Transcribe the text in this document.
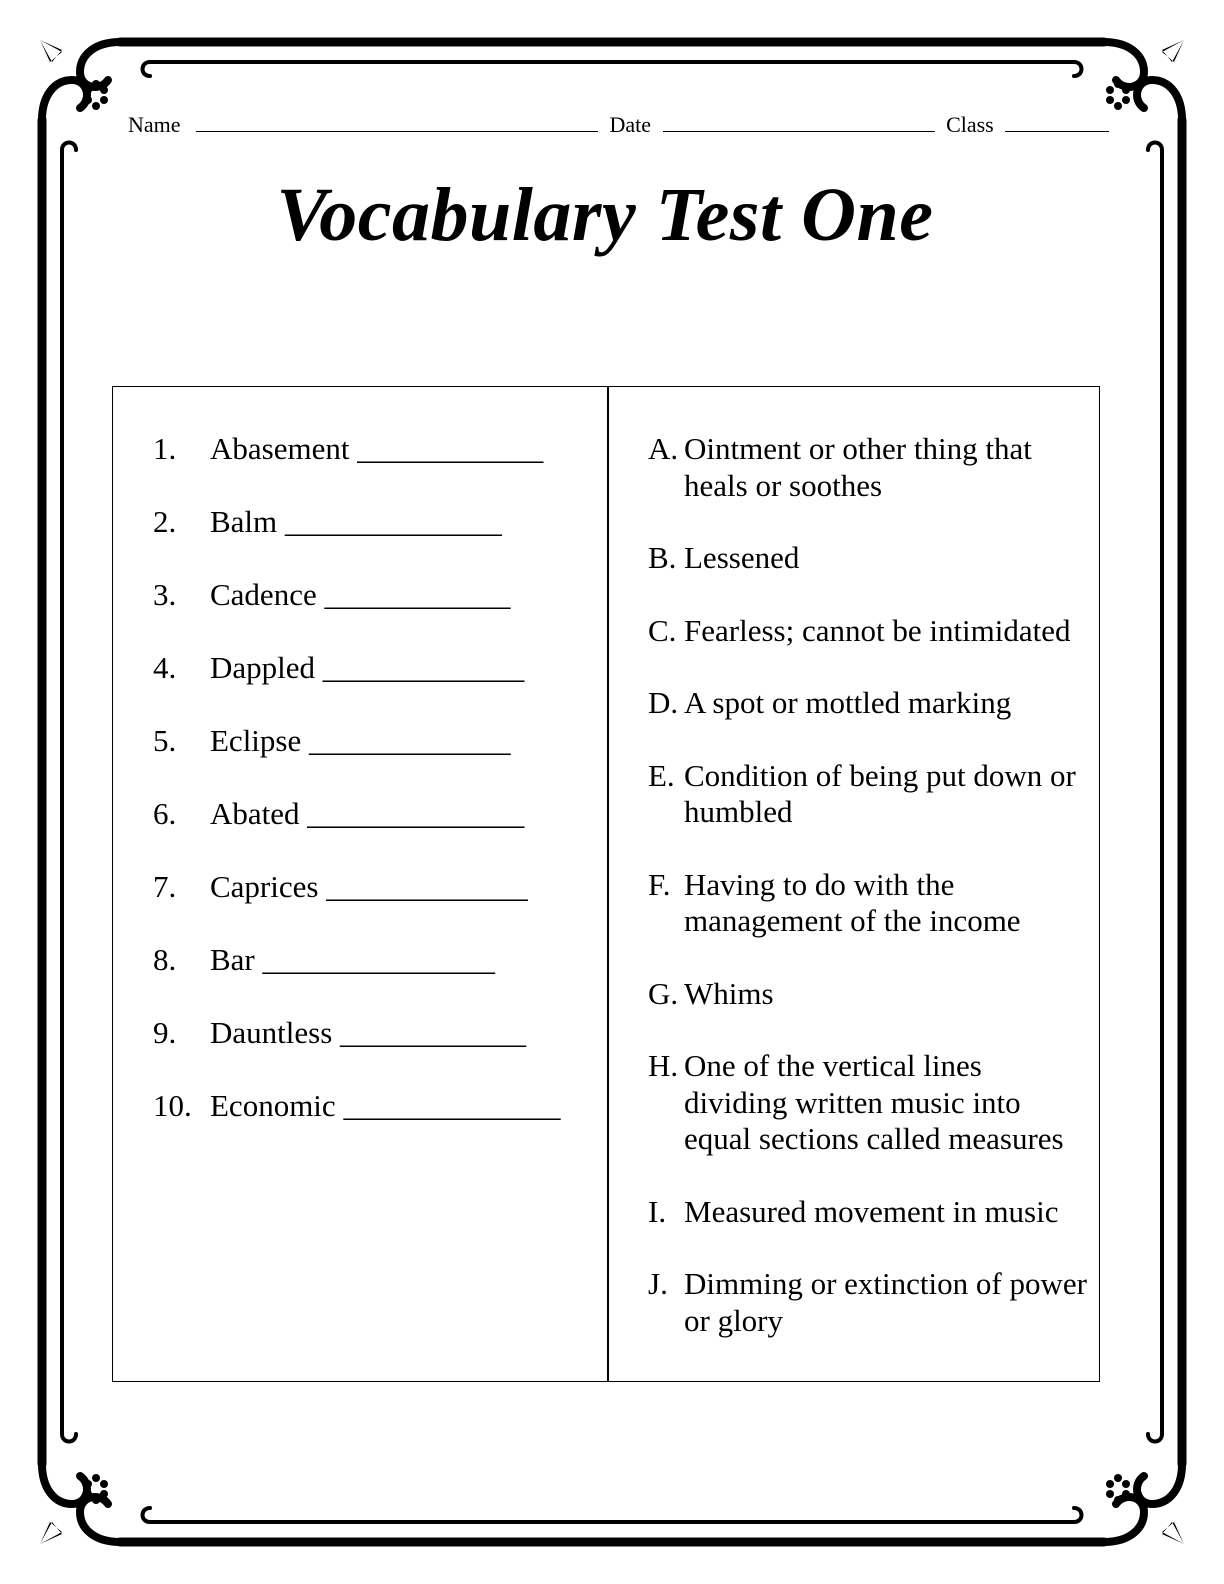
Name	Date	Class
Vocabulary Test One
1. Abasement ____________
2. Balm ______________
3. Cadence ____________
4. Dappled _____________
5. Eclipse _____________
6. Abated ______________
7. Caprices _____________
8. Bar _______________
9. Dauntless ____________
10. Economic ______________
A. Ointment or other thing that heals or soothes
B. Lessened
C. Fearless; cannot be intimidated
D. A spot or mottled marking
E. Condition of being put down or humbled
F. Having to do with the management of the income
G. Whims
H. One of the vertical lines dividing written music into equal sections called measures
I. Measured movement in music
J. Dimming or extinction of power or glory
